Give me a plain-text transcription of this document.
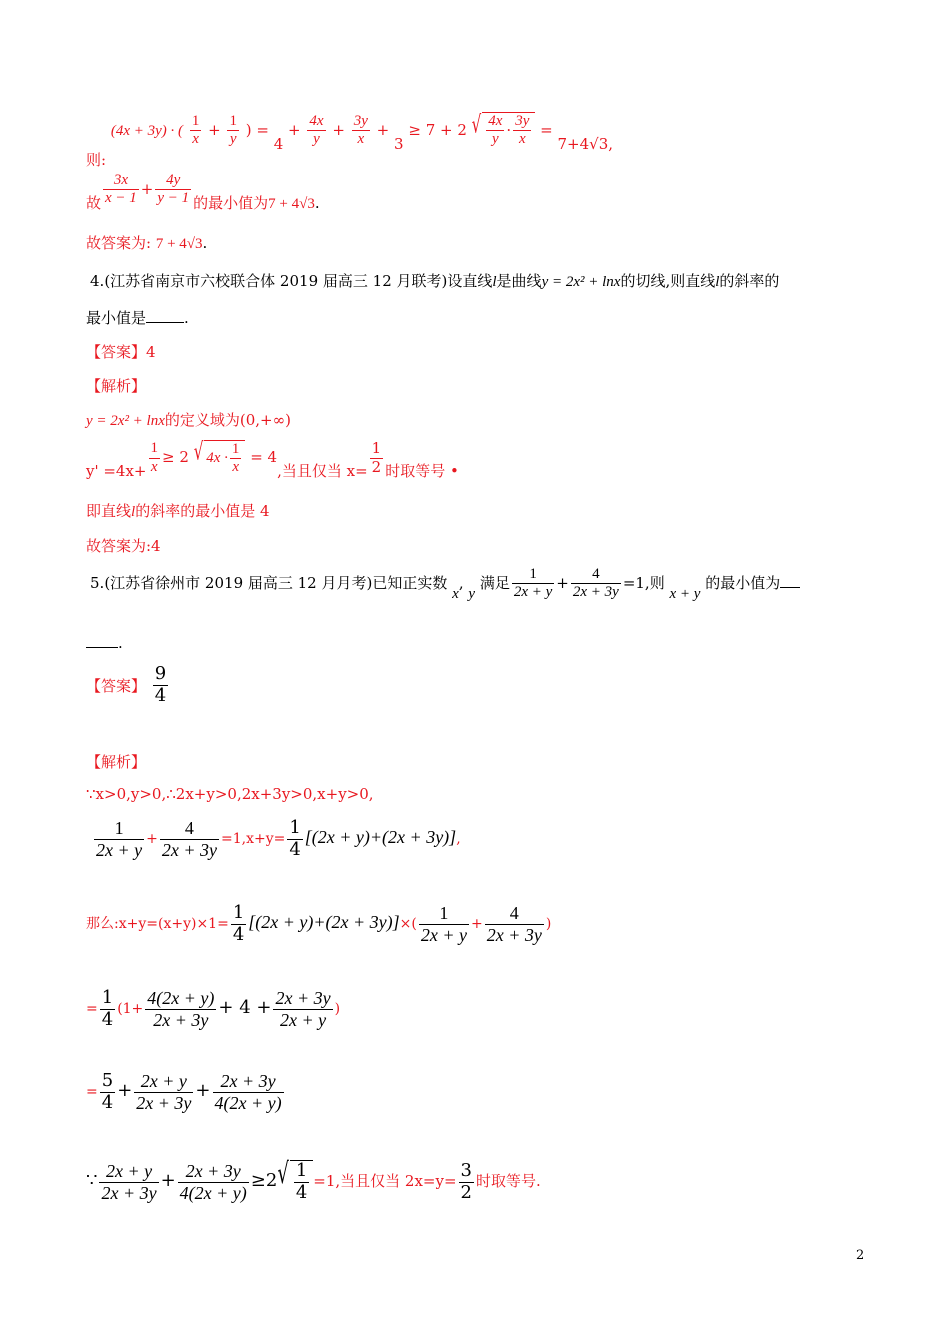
则: (4x + 3y) · ( $\frac{1}{x} + \frac{1}{y}$ ) = $4 + \frac{4x}{y} + \frac{3y}{x} + 3 \ge 7 + 2$ √ $\frac{4x}{y} \cdot \frac{3y}{x} = 7+4√3$,
故 $\frac{3x}{x - 1} + \frac{4y}{y - 1}$ 的最小值为7 + 4√3.
故答案为: 7 + 4√3.
4.(江苏省南京市六校联合体 2019 届高三 12 月联考)设直线l是曲线y = 2x² + lnx的切线,则直线l的斜率的
最小值是	.
【答案】4
【解析】
y = 2x² + lnx的定义域为(0,+∞)
$y' =4x+ \frac{1}{x} \ge 2$ √ $4x \cdot \frac{1}{x} = 4$,当且仅当 $x= \frac{1}{2}$ 时取等号 •
即直线l的斜率的最小值是 4
故答案为:4
5.(江苏省徐州市 2019 届高三 12 月月考)已知正实数 x, y 满足 $\frac{1}{2x + y} + \frac{4}{2x + 3y} =1$,则 x + y 的最小值为
.
【答案】 $\frac{9}{4}$
【解析】
∵x>0,y>0,∴2x+y>0,2x+3y>0,x+y>0,
$\frac{1}{2x + y} + \frac{4}{2x + 3y} =1,x+y= \frac{1}{4} [(2x + y)+(2x + 3y)]$,
那么:x+y=(x+y)×1= $\frac{1}{4} [(2x + y)+(2x + 3y)]\times( \frac{1}{2x + y} + \frac{4}{2x + 3y}$ )
= $\frac{1}{4} (1+ \frac{4(2x + y)}{2x + 3y} + 4 + \frac{2x + 3y}{2x + y}$ )
= $\frac{5}{4} + \frac{2x + y}{2x + 3y} + \frac{2x + 3y}{4(2x + y)}$
∵ $\frac{2x + y}{2x + 3y} + \frac{2x + 3y}{4(2x + y)} \ge 2√ \frac{1}{4} =1$,当且仅当 $2x=y= \frac{3}{2}$ 时取等号.
2
